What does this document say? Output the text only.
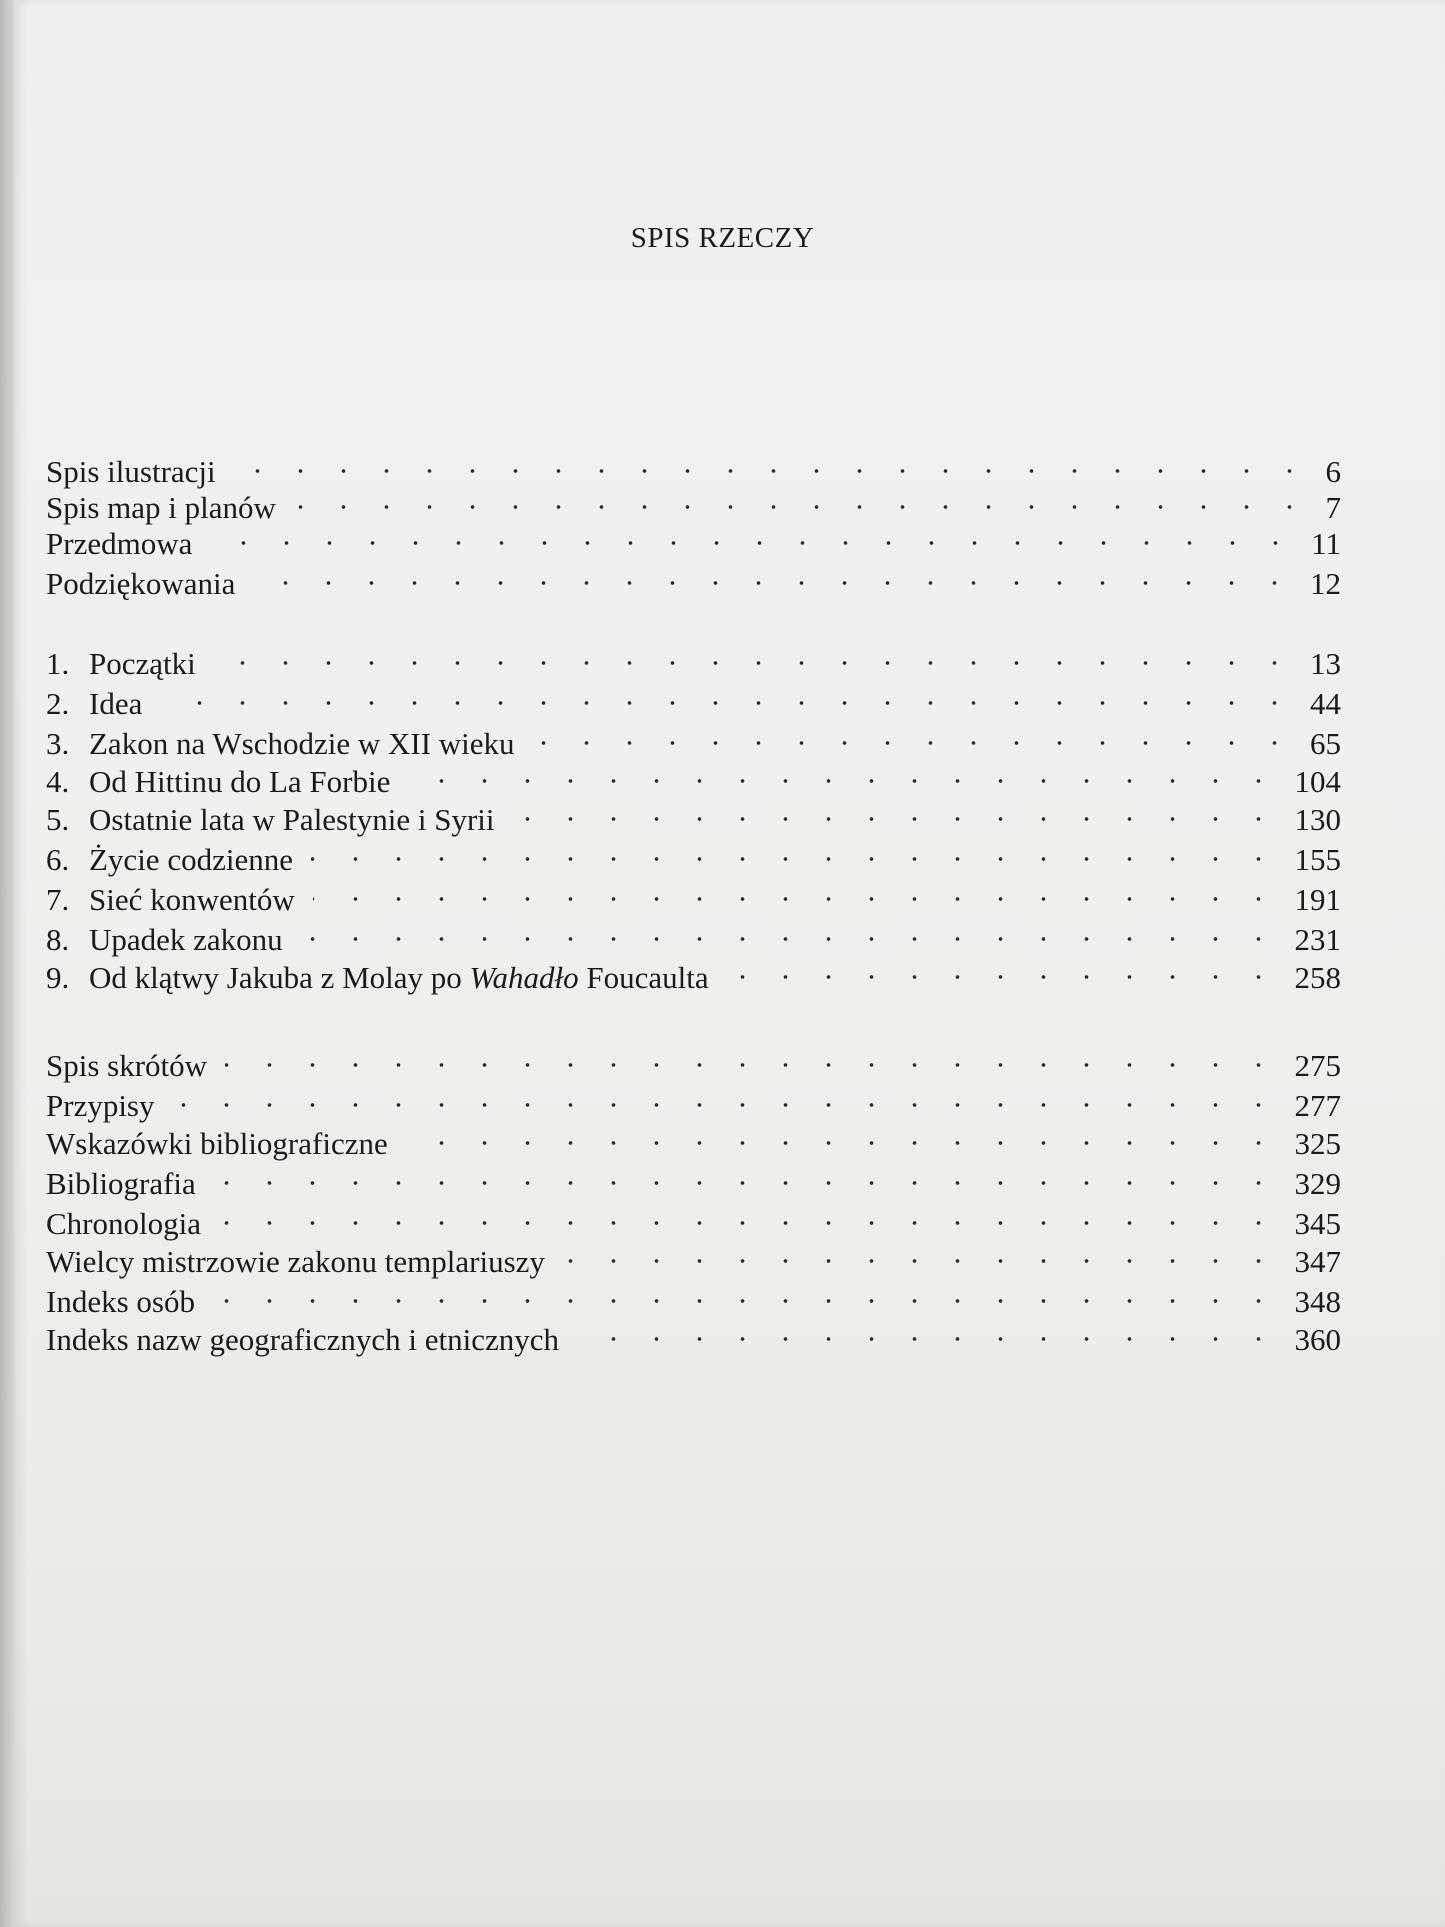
SPIS RZECZY
Spis ilustracji	6
Spis map i planów	7
Przedmowa	11
Podziękowania	12
1. Początki	13
2. Idea	44
3. Zakon na Wschodzie w XII wieku	65
4. Od Hittinu do La Forbie	104
5. Ostatnie lata w Palestynie i Syrii	130
6. Życie codzienne	155
7. Sieć konwentów	191
8. Upadek zakonu	231
9. Od klątwy Jakuba z Molay po Wahadło Foucaulta	258
Spis skrótów	275
Przypisy	277
Wskazówki bibliograficzne	325
Bibliografia	329
Chronologia	345
Wielcy mistrzowie zakonu templariuszy	347
Indeks osób	348
Indeks nazw geograficznych i etnicznych	360
